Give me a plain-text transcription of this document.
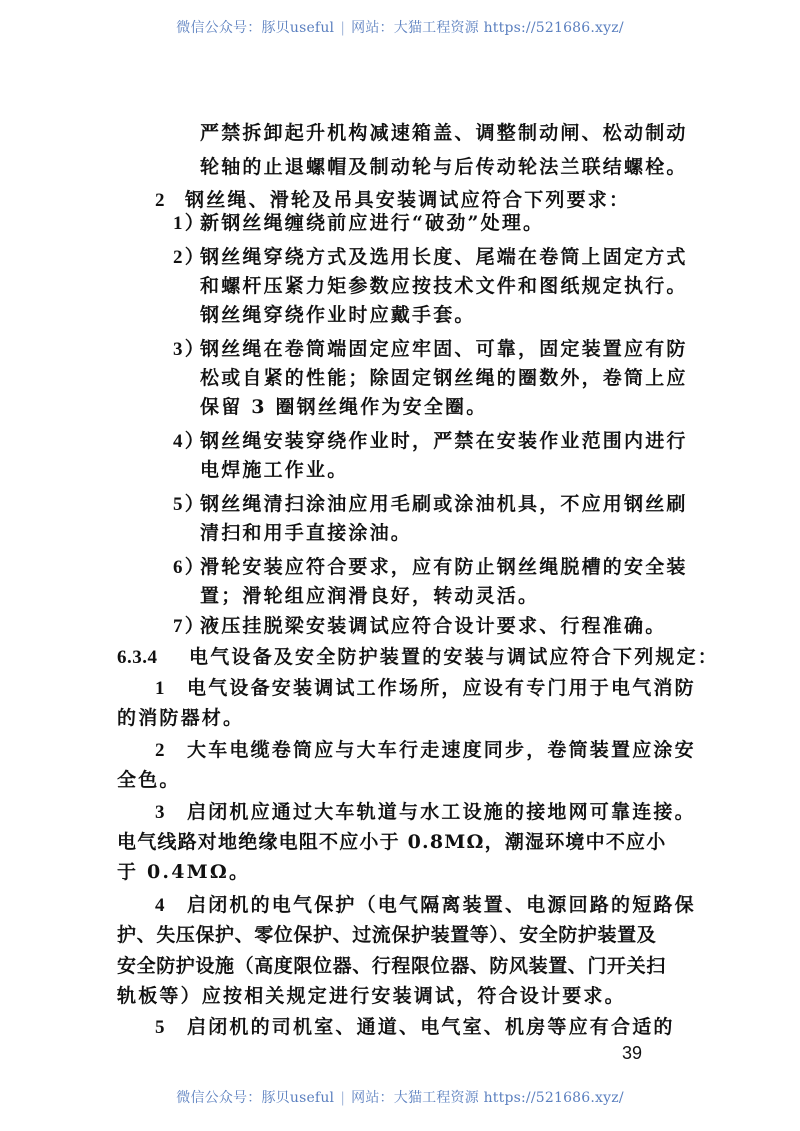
微信公众号：豚贝useful | 网站：大猫工程资源 https://521686.xyz/
严禁拆卸起升机构减速箱盖、调整制动闸、松动制动
轮轴的止退螺帽及制动轮与后传动轮法兰联结螺栓。
2 钢丝绳、滑轮及吊具安装调试应符合下列要求：
1）新钢丝绳缠绕前应进行“破劲”处理。
2）钢丝绳穿绕方式及选用长度、尾端在卷筒上固定方式
和螺杆压紧力矩参数应按技术文件和图纸规定执行。
钢丝绳穿绕作业时应戴手套。
3）钢丝绳在卷筒端固定应牢固、可靠，固定装置应有防
松或自紧的性能；除固定钢丝绳的圈数外，卷筒上应
保留 3 圈钢丝绳作为安全圈。
4）钢丝绳安装穿绕作业时，严禁在安装作业范围内进行
电焊施工作业。
5）钢丝绳清扫涂油应用毛刷或涂油机具，不应用钢丝刷
清扫和用手直接涂油。
6）滑轮安装应符合要求，应有防止钢丝绳脱槽的安全装
置；滑轮组应润滑良好，转动灵活。
7）液压挂脱梁安装调试应符合设计要求、行程准确。
6.3.4 电气设备及安全防护装置的安装与调试应符合下列规定：
1 电气设备安装调试工作场所，应设有专门用于电气消防
的消防器材。
2 大车电缆卷筒应与大车行走速度同步，卷筒装置应涂安
全色。
3 启闭机应通过大车轨道与水工设施的接地网可靠连接。
电气线路对地绝缘电阻不应小于 0.8MΩ，潮湿环境中不应小
于 0.4MΩ。
4 启闭机的电气保护（电气隔离装置、电源回路的短路保
护、失压保护、零位保护、过流保护装置等）、安全防护装置及
安全防护设施（高度限位器、行程限位器、防风装置、门开关扫
轨板等）应按相关规定进行安装调试，符合设计要求。
5 启闭机的司机室、通道、电气室、机房等应有合适的
39
微信公众号：豚贝useful | 网站：大猫工程资源 https://521686.xyz/
